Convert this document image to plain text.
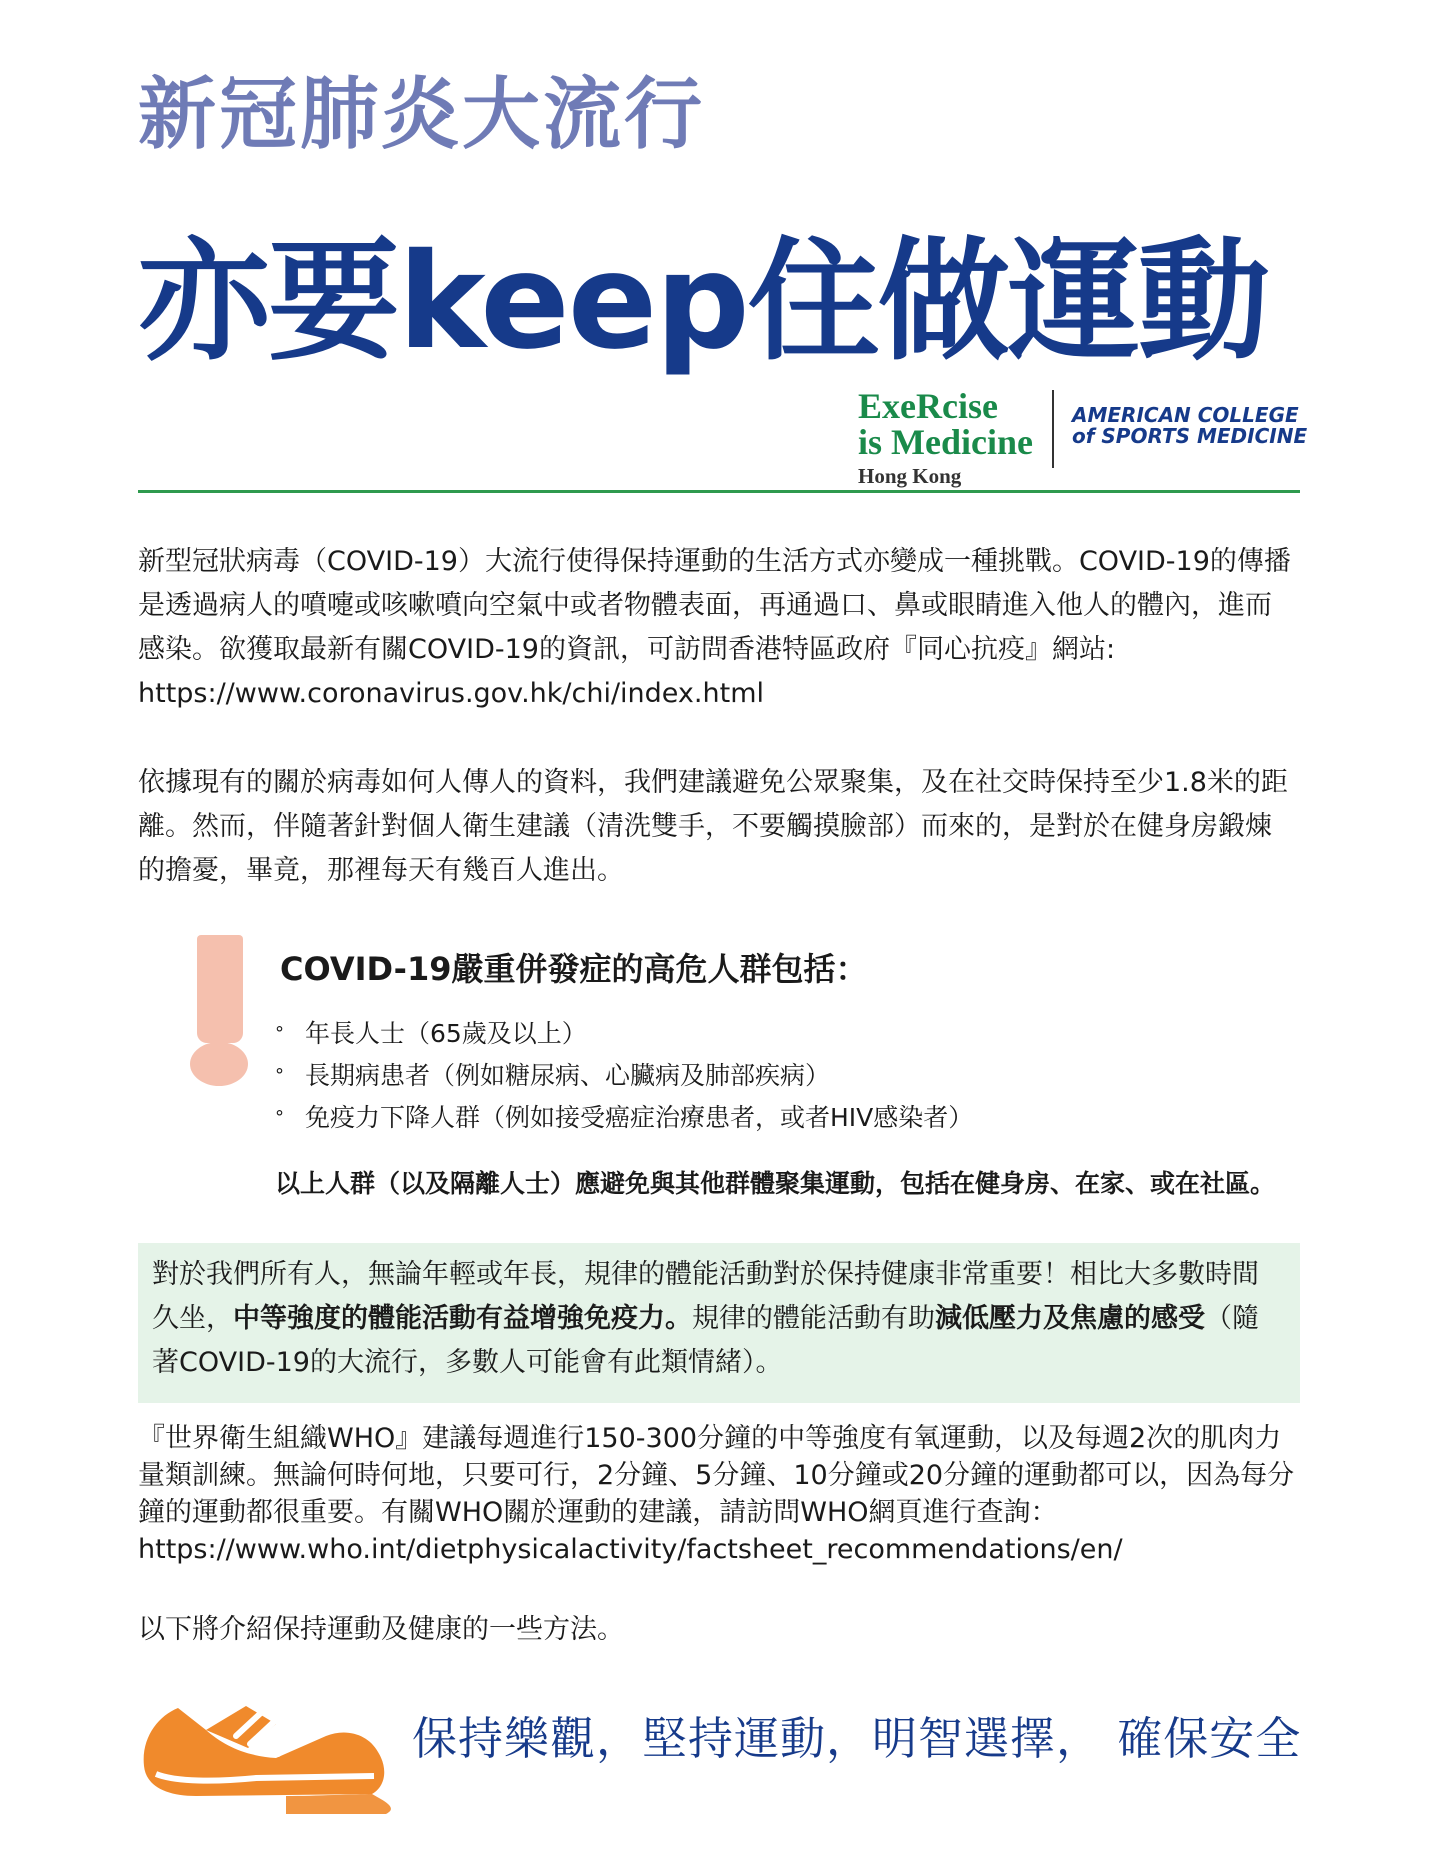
新冠肺炎大流行
亦要keep住做運動
ExeRcise
is Medicine
Hong Kong
AMERICAN COLLEGE
of SPORTS MEDICINE
新型冠狀病毒（COVID-19）大流行使得保持運動的生活方式亦變成一種挑戰。COVID-19的傳播是透過病人的噴嚏或咳嗽噴向空氣中或者物體表面，再通過口、鼻或眼睛進入他人的體內，進而感染。欲獲取最新有關COVID-19的資訊，可訪問香港特區政府『同心抗疫』網站: https://www.coronavirus.gov.hk/chi/index.html
依據現有的關於病毒如何人傳人的資料，我們建議避免公眾聚集，及在社交時保持至少1.8米的距離。然而，伴隨著針對個人衛生建議（清洗雙手，不要觸摸臉部）而來的，是對於在健身房鍛煉的擔憂，畢竟，那裡每天有幾百人進出。
COVID-19嚴重併發症的高危人群包括：
° 年長人士（65歲及以上）
° 長期病患者（例如糖尿病、心臟病及肺部疾病）
° 免疫力下降人群（例如接受癌症治療患者，或者HIV感染者）
以上人群（以及隔離人士）應避免與其他群體聚集運動，包括在健身房、在家、或在社區。
對於我們所有人，無論年輕或年長，規律的體能活動對於保持健康非常重要！相比大多數時間久坐，中等強度的體能活動有益增強免疫力。規律的體能活動有助減低壓力及焦慮的感受（隨著COVID-19的大流行，多數人可能會有此類情緒）。
『世界衛生組織WHO』建議每週進行150-300分鐘的中等強度有氧運動，以及每週2次的肌肉力量類訓練。無論何時何地，只要可行，2分鐘、5分鐘、10分鐘或20分鐘的運動都可以，因為每分鐘的運動都很重要。有關WHO關於運動的建議，請訪問WHO網頁進行查詢：https://www.who.int/dietphysicalactivity/factsheet_recommendations/en/
以下將介紹保持運動及健康的一些方法。
保持樂觀，堅持運動，明智選擇， 確保安全
